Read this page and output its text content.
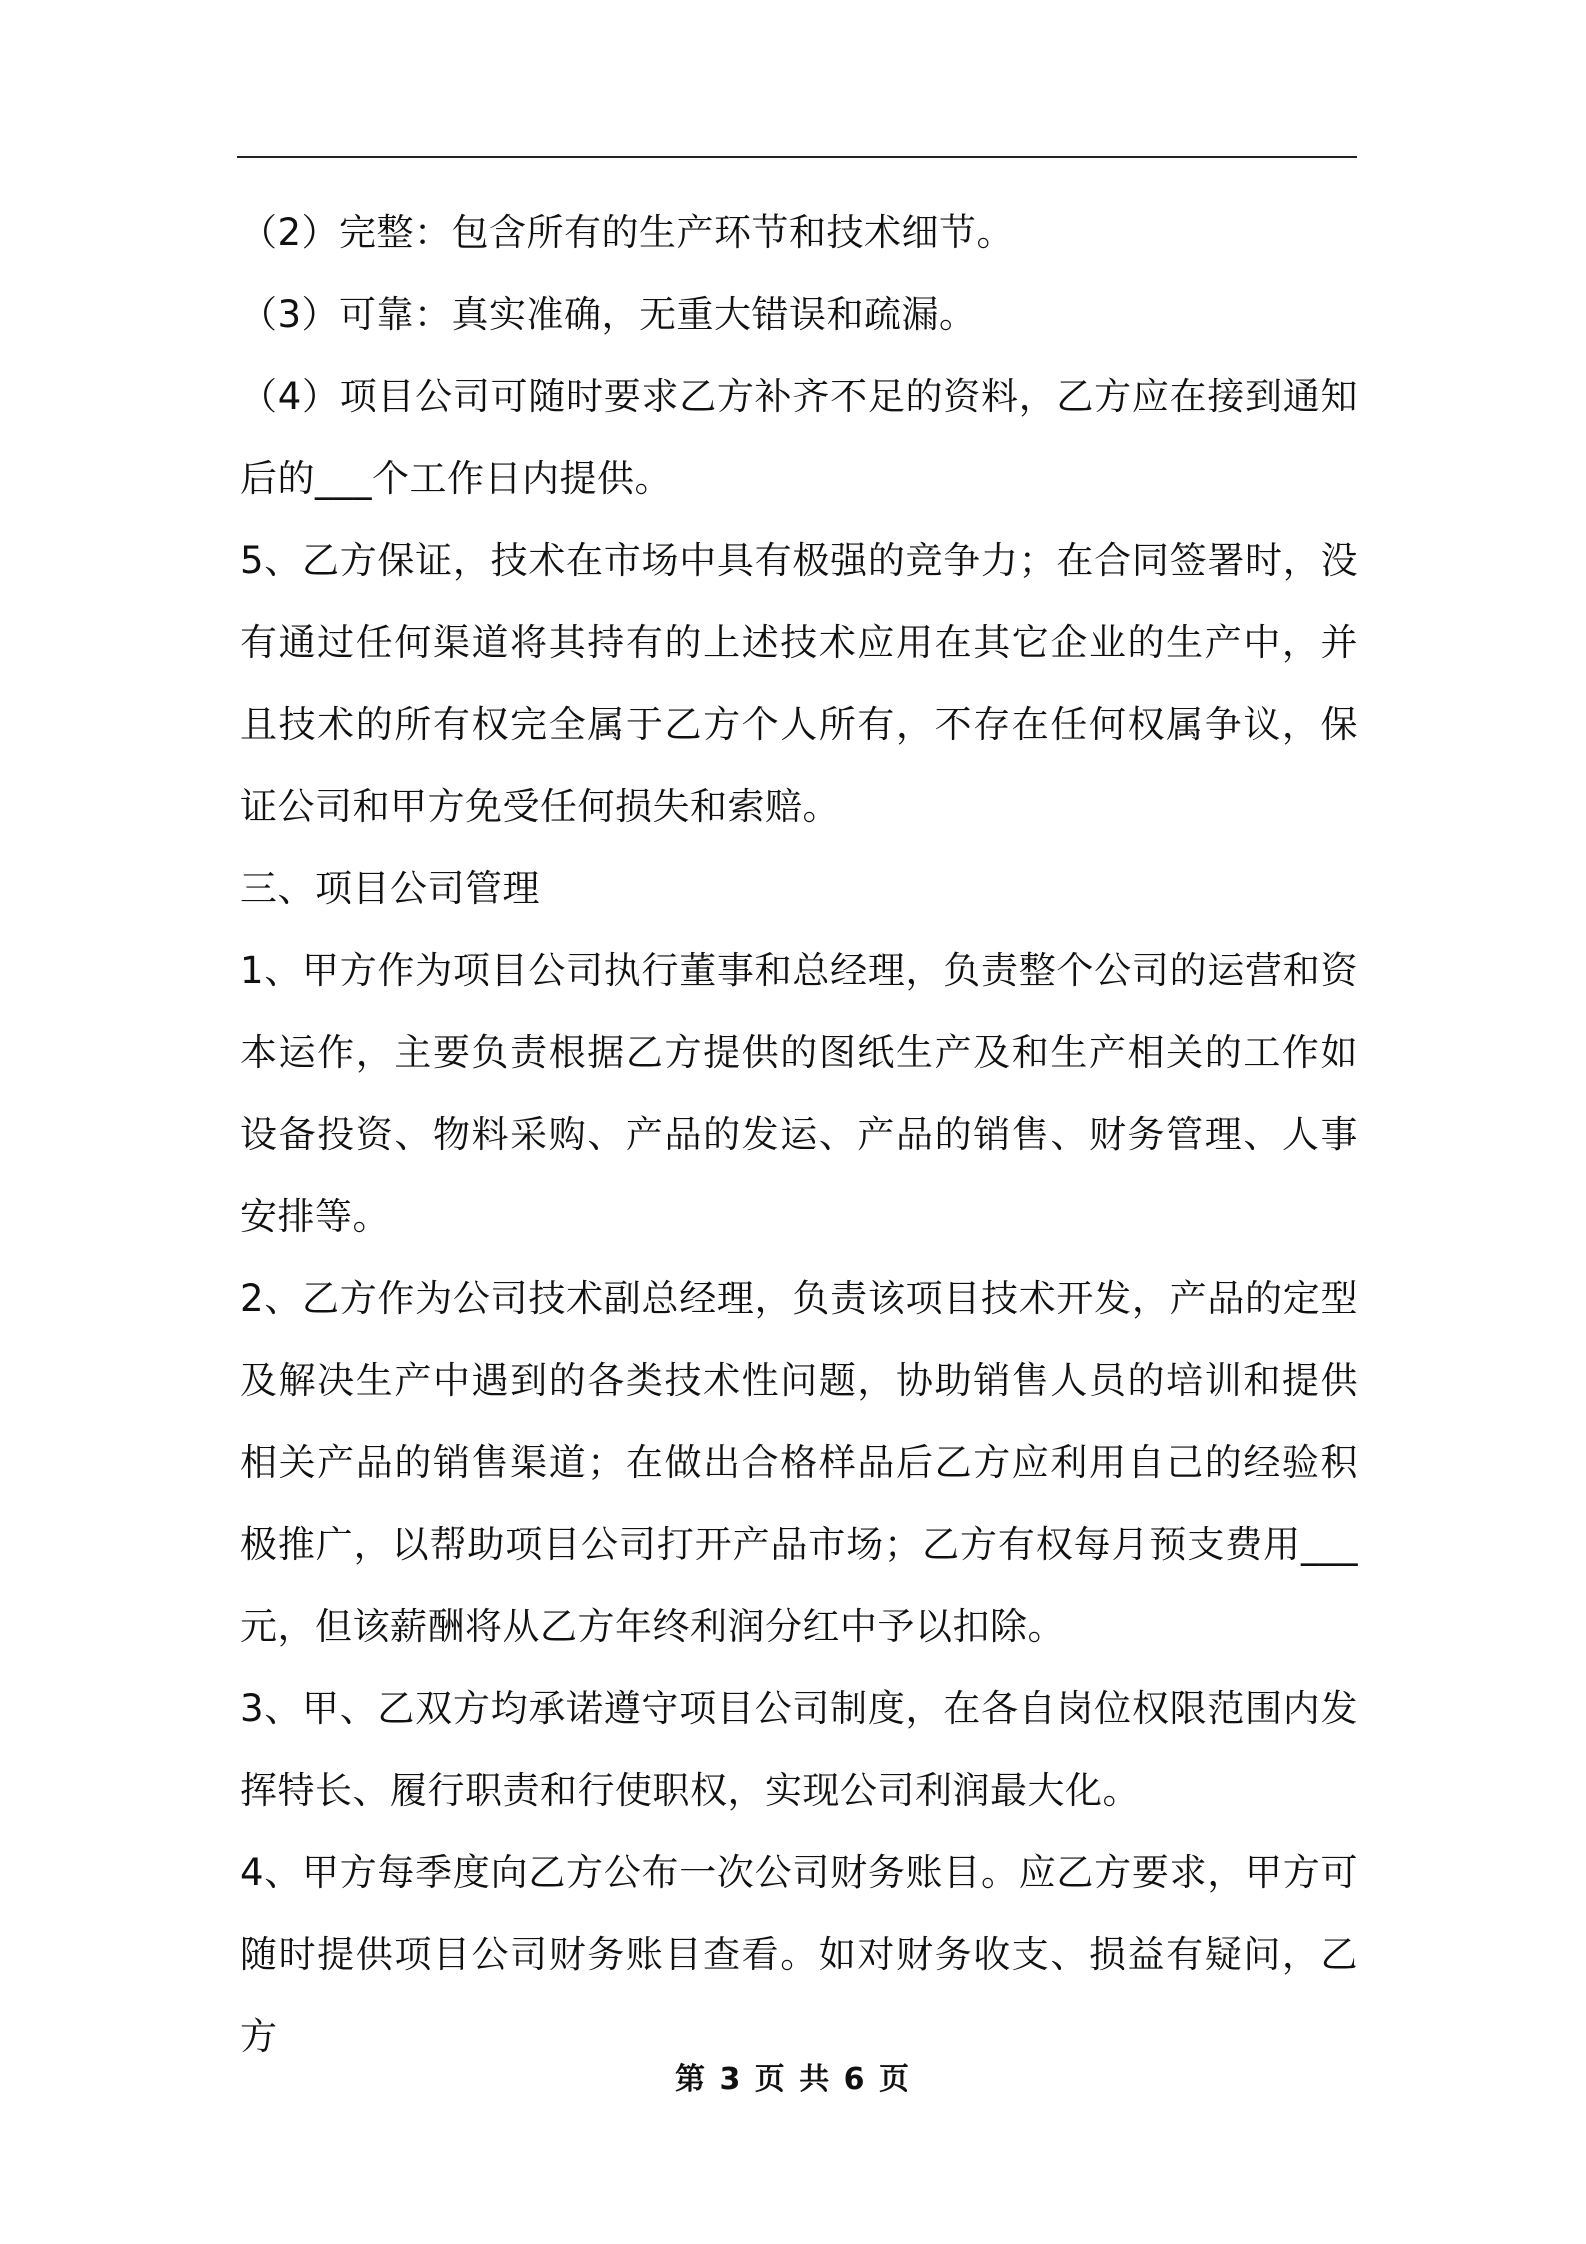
（2）完整：包含所有的生产环节和技术细节。

（3）可靠：真实准确，无重大错误和疏漏。

（4）项目公司可随时要求乙方补齐不足的资料，乙方应在接到通知后的___个工作日内提供。

5、乙方保证，技术在市场中具有极强的竞争力；在合同签署时，没有通过任何渠道将其持有的上述技术应用在其它企业的生产中，并且技术的所有权完全属于乙方个人所有，不存在任何权属争议，保证公司和甲方免受任何损失和索赔。

三、项目公司管理

1、甲方作为项目公司执行董事和总经理，负责整个公司的运营和资本运作，主要负责根据乙方提供的图纸生产及和生产相关的工作如设备投资、物料采购、产品的发运、产品的销售、财务管理、人事安排等。

2、乙方作为公司技术副总经理，负责该项目技术开发，产品的定型及解决生产中遇到的各类技术性问题，协助销售人员的培训和提供相关产品的销售渠道；在做出合格样品后乙方应利用自己的经验积极推广，以帮助项目公司打开产品市场；乙方有权每月预支费用___元，但该薪酬将从乙方年终利润分红中予以扣除。

3、甲、乙双方均承诺遵守项目公司制度，在各自岗位权限范围内发挥特长、履行职责和行使职权，实现公司利润最大化。

4、甲方每季度向乙方公布一次公司财务账目。应乙方要求，甲方可随时提供项目公司财务账目查看。如对财务收支、损益有疑问，乙方

第 3 页 共 6 页
